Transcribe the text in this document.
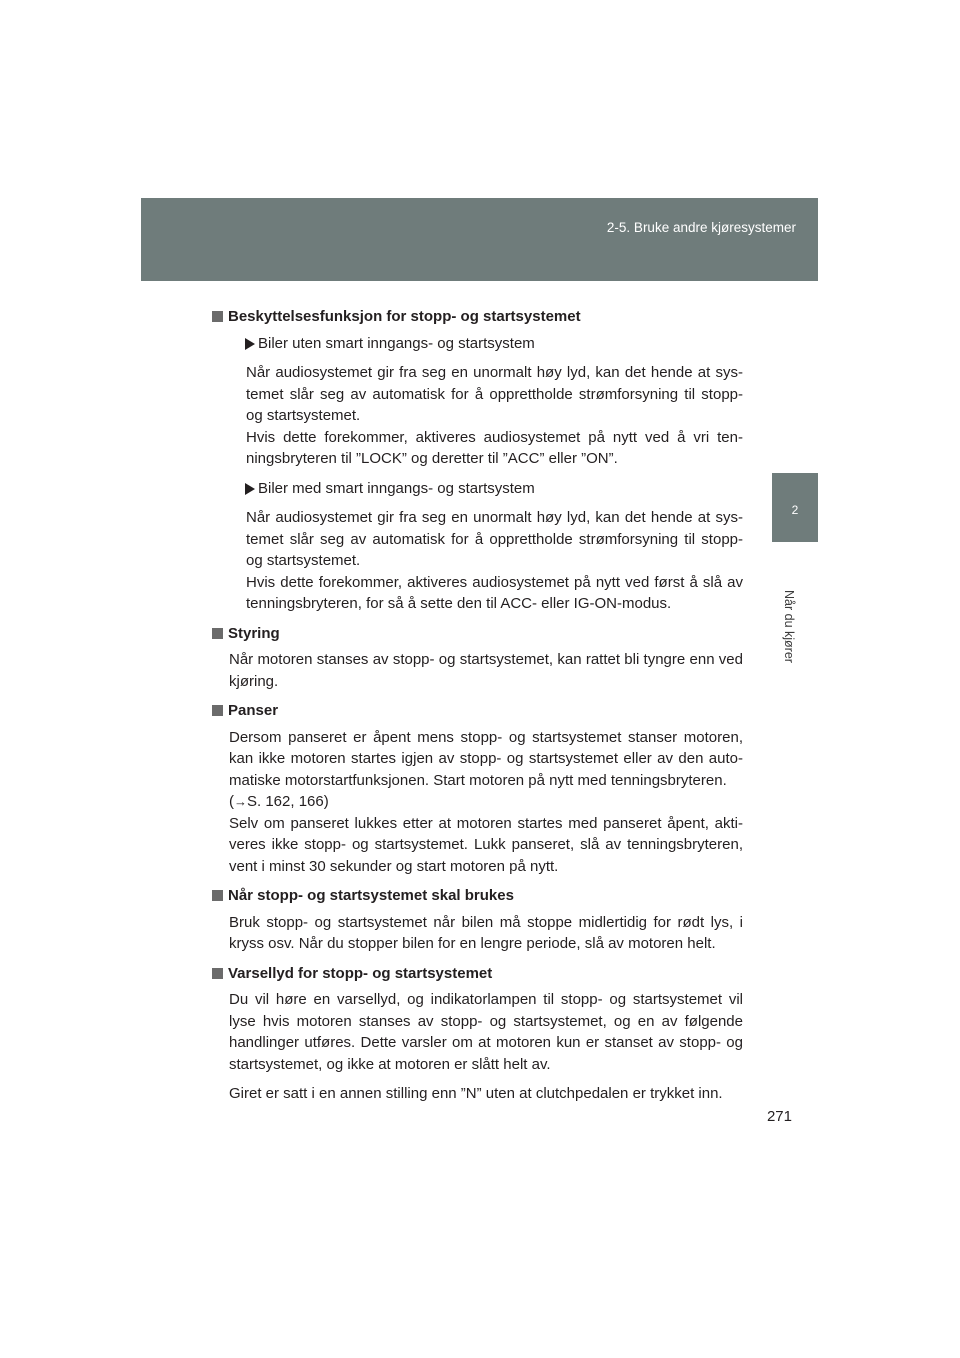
2-5. Bruke andre kjøresystemer
2
Når du kjører
Beskyttelsesfunksjon for stopp- og startsystemet
Biler uten smart inngangs- og startsystem
Når audiosystemet gir fra seg en unormalt høy lyd, kan det hende at sys-temet slår seg av automatisk for å opprettholde strømforsyning til stopp- og startsystemet.
Hvis dette forekommer, aktiveres audiosystemet på nytt ved å vri ten-ningsbryteren til ”LOCK” og deretter til ”ACC” eller ”ON”.
Biler med smart inngangs- og startsystem
Når audiosystemet gir fra seg en unormalt høy lyd, kan det hende at sys-temet slår seg av automatisk for å opprettholde strømforsyning til stopp- og startsystemet.
Hvis dette forekommer, aktiveres audiosystemet på nytt ved først å slå av tenningsbryteren, for så å sette den til ACC- eller IG-ON-modus.
Styring
Når motoren stanses av stopp- og startsystemet, kan rattet bli tyngre enn ved kjøring.
Panser
Dersom panseret er åpent mens stopp- og startsystemet stanser motoren, kan ikke motoren startes igjen av stopp- og startsystemet eller av den auto-matiske motorstartfunksjonen. Start motoren på nytt med tenningsbryteren.
(→S. 162, 166)
Selv om panseret lukkes etter at motoren startes med panseret åpent, akti-veres ikke stopp- og startsystemet. Lukk panseret, slå av tenningsbryteren, vent i minst 30 sekunder og start motoren på nytt.
Når stopp- og startsystemet skal brukes
Bruk stopp- og startsystemet når bilen må stoppe midlertidig for rødt lys, i kryss osv. Når du stopper bilen for en lengre periode, slå av motoren helt.
Varsellyd for stopp- og startsystemet
Du vil høre en varsellyd, og indikatorlampen til stopp- og startsystemet vil lyse hvis motoren stanses av stopp- og startsystemet, og en av følgende handlinger utføres. Dette varsler om at motoren kun er stanset av stopp- og startsystemet, og ikke at motoren er slått helt av.
Giret er satt i en annen stilling enn ”N” uten at clutchpedalen er trykket inn.
271
